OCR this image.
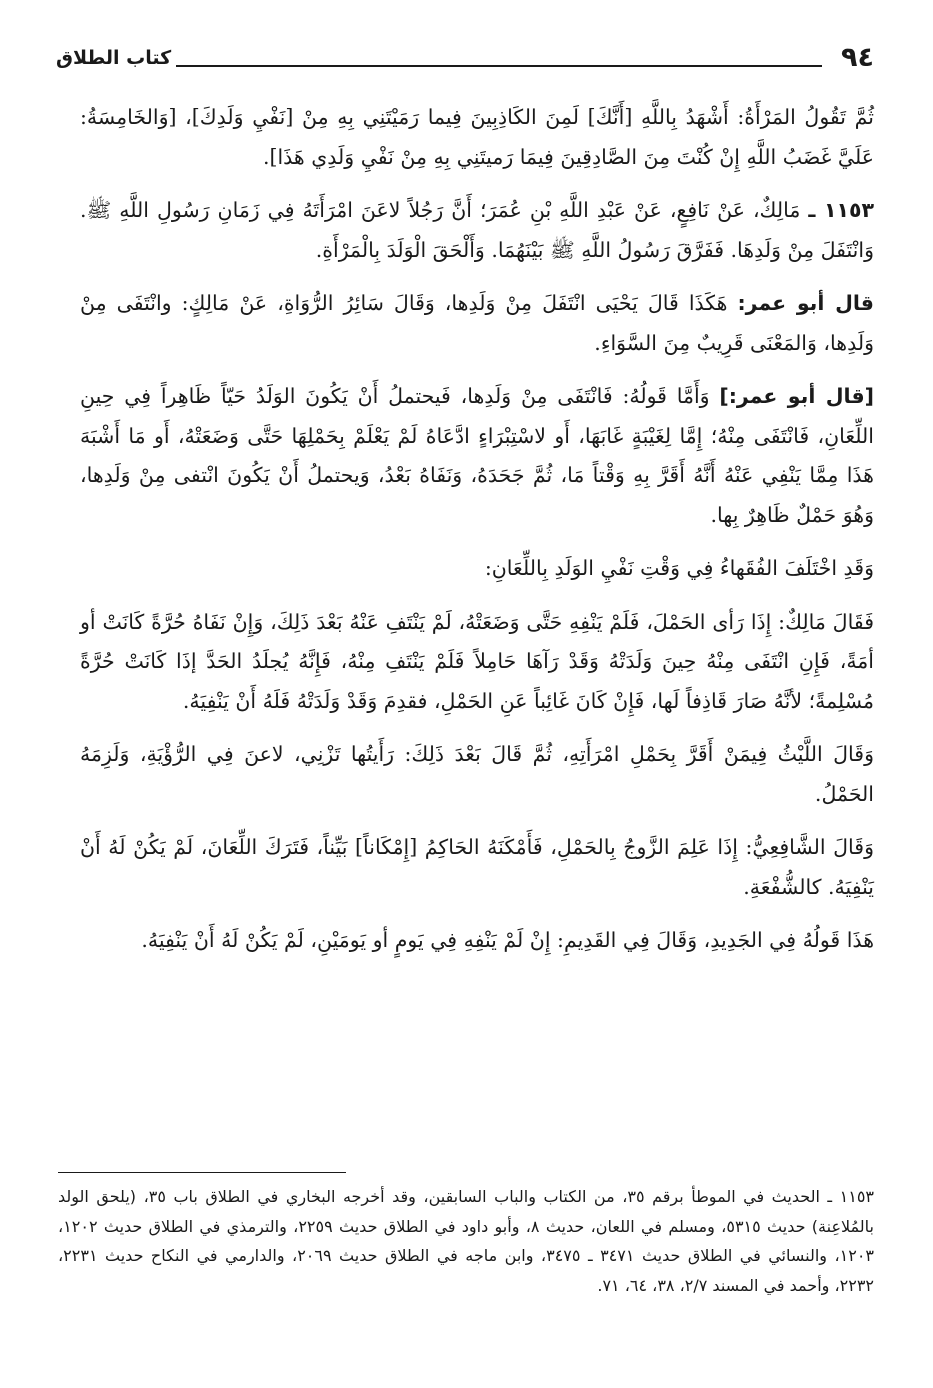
٩٤
كتاب الطلاق

ثُمَّ تَقُولُ المَرْأَةُ: أَشْهَدُ بِاللَّهِ [أَنَّكَ] لَمِنَ الكَاذِبِينَ فِيما رَمَيْتَنِي بِهِ مِنْ [نَفْيِ وَلَدِكَ]، [وَالخَامِسَةُ: عَلَيَّ غَضَبُ اللَّهِ إِنْ كُنْتَ مِنَ الصَّادِقِينَ فِيمَا رَميتَنِي بِهِ مِنْ نَفْيِ وَلَدِي هَذَا].

١١٥٣ ـ مَالِكٌ، عَنْ نَافِعٍ، عَنْ عَبْدِ اللَّهِ بْنِ عُمَرَ؛ أَنَّ رَجُلاً لاعَنَ امْرَأَتَهُ فِي زَمَانِ رَسُولِ اللَّهِ ﷺ. وَانْتَفَلَ مِنْ وَلَدِهَا. فَفَرَّقَ رَسُولُ اللَّهِ ﷺ بَيْنَهُمَا. وَأَلْحَقَ الْوَلَدَ بِالْمَرْأَةِ.

قال أبو عمر: هَكَذَا قَالَ يَحْيَى انْتَفَلَ مِنْ وَلَدِها، وَقَالَ سَائِرُ الرُّوَاةِ، عَنْ مَالِكٍ: وانْتَفَى مِنْ وَلَدِها، وَالمَعْنَى قَرِيبٌ مِنَ السَّوَاءِ.

[قال أبو عمر:] وَأَمَّا قَولُهُ: فَانْتَفَى مِنْ وَلَدِها، فَيحتملُ أَنْ يَكُونَ الوَلَدُ حَيّاً ظَاهِراً فِي حِينِ اللِّعَانِ، فَانْتَفَى مِنْهُ؛ إِمَّا لِغَيْبَةٍ غَابَهَا، أَو لاسْتِبْرَاءٍ ادَّعَاهُ لَمْ يَعْلَمْ بِحَمْلِهَا حَتَّى وَضَعَتْهُ، أَو مَا أَشْبَهَ هَذَا مِمَّا يَنْفِي عَنْهُ أَنَّهُ أَقَرَّ بِهِ وَقْتاً مَا، ثُمَّ جَحَدَهُ، وَنَفَاهُ بَعْدُ، وَيحتملُ أَنْ يَكُونَ انْتفى مِنْ وَلَدِها، وَهُوَ حَمْلٌ ظَاهِرٌ بِها.

وَقَدِ اخْتَلَفَ الفُقَهاءُ فِي وَقْتِ نَفْيِ الوَلَدِ بِاللِّعَانِ:

فَقَالَ مَالِكٌ: إِذَا رَأى الحَمْلَ، فَلَمْ يَنْفِهِ حَتَّى وَضَعَتْهُ، لَمْ يَنْتَفِ عَنْهُ بَعْدَ ذَلِكَ، وَإِنْ نَفَاهُ حُرَّةً كَانَتْ أو أمَةً، فَإِنِ انْتَفَى مِنْهُ حِينَ وَلَدَتْهُ وَقَدْ رَآهَا حَامِلاً فَلَمْ يَنْتَفِ مِنْهُ، فَإِنَّهُ يُجلَدُ الحَدَّ إذَا كَانَتْ حُرَّةً مُسْلِمةً؛ لأنَّهُ صَارَ قَاذِفاً لَها، فَإِنْ كَانَ غَائِباً عَنِ الحَمْلِ، فقدِمَ وَقَدْ وَلَدَتْهُ فَلَهُ أَنْ يَنْفِيَهُ.

وَقَالَ اللَّيْثُ فِيمَنْ أَقَرَّ بِحَمْلِ امْرَأَتِهِ، ثُمَّ قَالَ بَعْدَ ذَلِكَ: رَأَيتُها تَزْنِي، لاعنَ فِي الرُّؤْيَةِ، وَلَزِمَهُ الحَمْلُ.

وَقَالَ الشَّافِعِيُّ: إِذَا عَلِمَ الزَّوجُ بِالحَمْلِ، فَأَمْكَنَهُ الحَاكِمُ [إِمْكَاناً] بَيِّناً، فَتَرَكَ اللِّعَانَ، لَمْ يَكُنْ لَهُ أَنْ يَنْفِيَهُ. كالشُّفْعَةِ.

هَذَا قَولُهُ فِي الجَدِيدِ، وَقَالَ فِي القَدِيمِ: إِنْ لَمْ يَنْفِهِ فِي يَومٍ أو يَومَيْنِ، لَمْ يَكُنْ لَهُ أَنْ يَنْفِيَهُ.

١١٥٣ ـ الحديث في الموطأ برقم ٣٥، من الكتاب والباب السابقين، وقد أخرجه البخاري في الطلاق باب ٣٥، (يلحق الولد بالمُلاعِنة) حديث ٥٣١٥، ومسلم في اللعان، حديث ٨، وأبو داود في الطلاق حديث ٢٢٥٩، والترمذي في الطلاق حديث ١٢٠٢، ١٢٠٣، والنسائي في الطلاق حديث ٣٤٧١ ـ ٣٤٧٥، وابن ماجه في الطلاق حديث ٢٠٦٩، والدارمي في النكاح حديث ٢٢٣١، ٢٢٣٢، وأحمد في المسند ٢/٧، ٣٨، ٦٤، ٧١.
